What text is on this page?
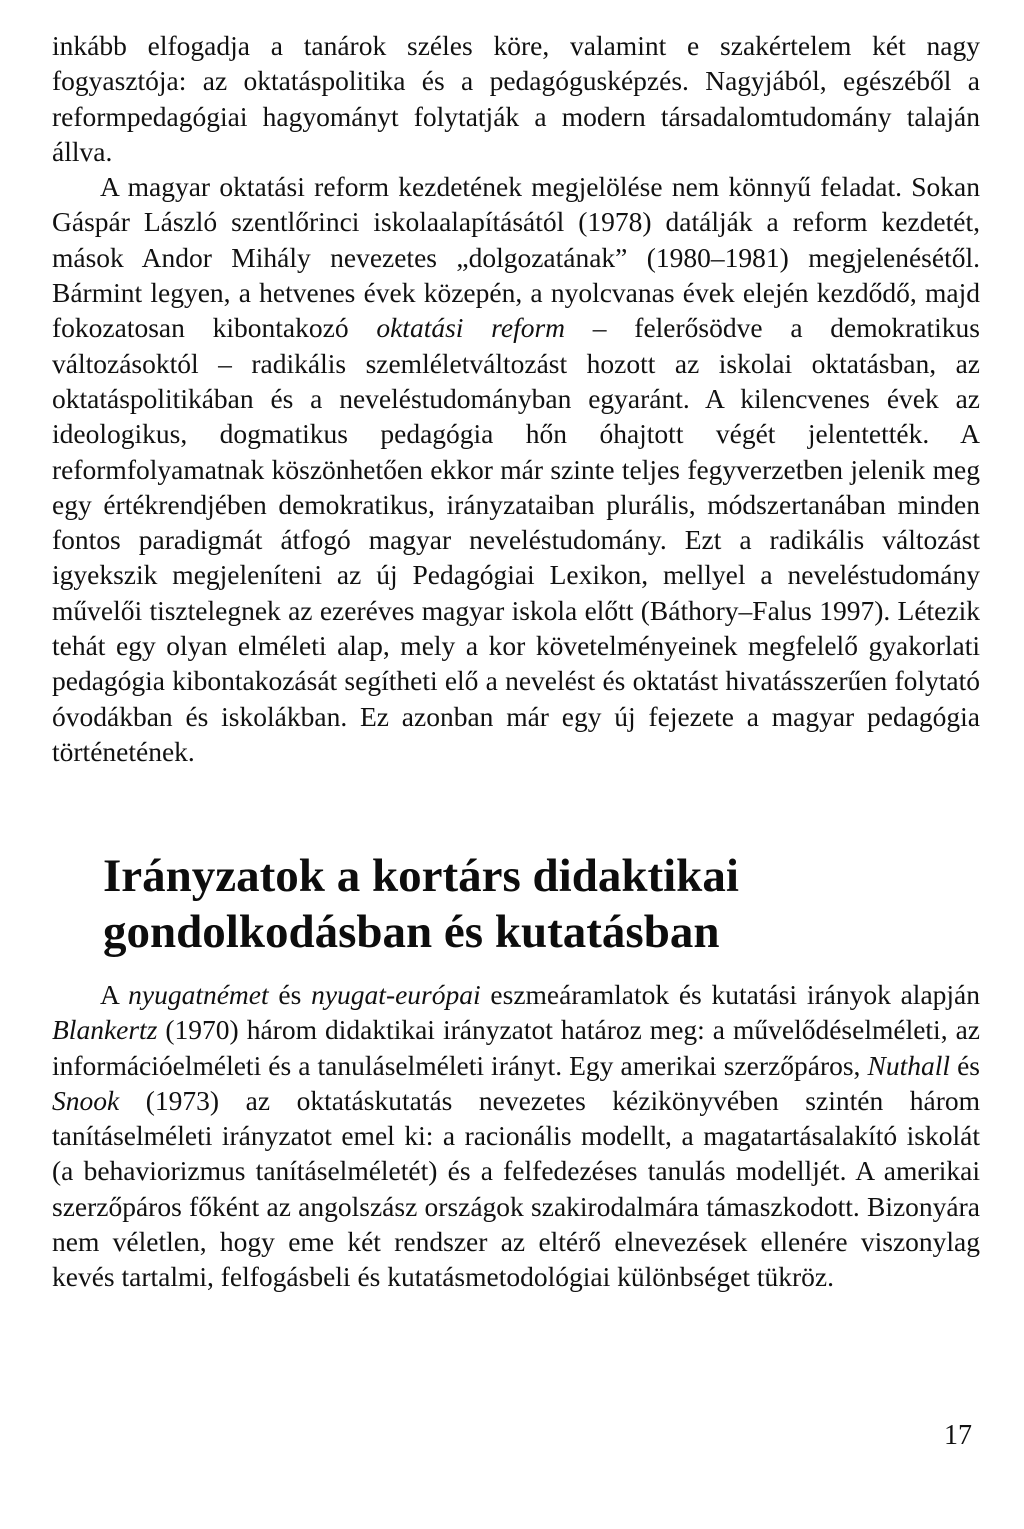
inkább elfogadja a tanárok széles köre, valamint e szakértelem két nagy fogyasztója: az oktatáspolitika és a pedagógusképzés. Nagyjából, egészéből a reformpedagógiai hagyományt folytatják a modern társadalomtudomány talaján állva.

A magyar oktatási reform kezdetének megjelölése nem könnyű feladat. Sokan Gáspár László szentlőrinci iskolaalapításától (1978) datálják a reform kezdetét, mások Andor Mihály nevezetes „dolgozatának” (1980–1981) megjelenésétől. Bármint legyen, a hetvenes évek közepén, a nyolcvanas évek elején kezdődő, majd fokozatosan kibontakozó oktatási reform – felerősödve a demokratikus változásoktól – radikális szemléletváltozást hozott az iskolai oktatásban, az oktatáspolitikában és a neveléstudományban egyaránt. A kilencvenes évek az ideologikus, dogmatikus pedagógia hőn óhajtott végét jelentették. A reformfolyamatnak köszönhetően ekkor már szinte teljes fegyverzetben jelenik meg egy értékrendjében demokratikus, irányzataiban plurális, módszertanában minden fontos paradigmát átfogó magyar neveléstudomány. Ezt a radikális változást igyekszik megjeleníteni az új Pedagógiai Lexikon, mellyel a neveléstudomány művelői tisztelegnek az ezeréves magyar iskola előtt (Báthory–Falus 1997). Létezik tehát egy olyan elméleti alap, mely a kor követelményeinek megfelelő gyakorlati pedagógia kibontakozását segítheti elő a nevelést és oktatást hivatásszerűen folytató óvodákban és iskolákban. Ez azonban már egy új fejezete a magyar pedagógia történetének.

Irányzatok a kortárs didaktikai
gondolkodásban és kutatásban

A nyugatnémet és nyugat-európai eszmeáramlatok és kutatási irányok alapján Blankertz (1970) három didaktikai irányzatot határoz meg: a művelődéselméleti, az információelméleti és a tanuláselméleti irányt. Egy amerikai szerzőpáros, Nuthall és Snook (1973) az oktatáskutatás nevezetes kézikönyvében szintén három tanításelméleti irányzatot emel ki: a racionális modellt, a magatartásalakító iskolát (a behaviorizmus tanításelméletét) és a felfedezéses tanulás modelljét. A amerikai szerzőpáros főként az angolszász országok szakirodalmára támaszkodott. Bizonyára nem véletlen, hogy eme két rendszer az eltérő elnevezések ellenére viszonylag kevés tartalmi, felfogásbeli és kutatásmetodológiai különbséget tükröz.

17
